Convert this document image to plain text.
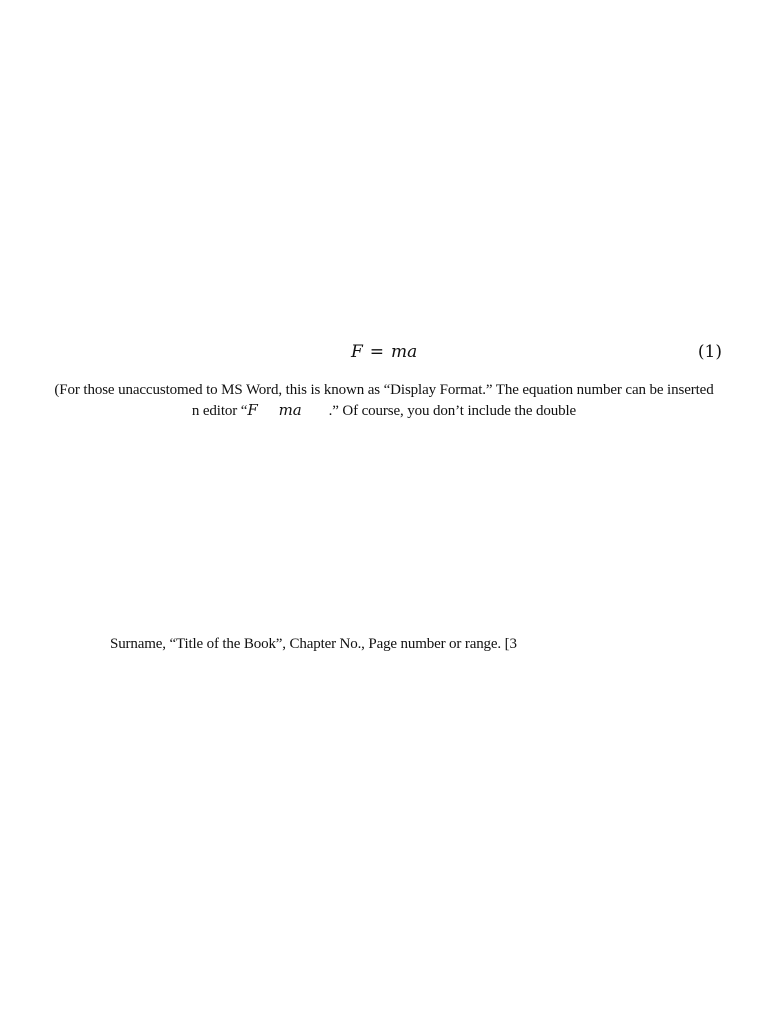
F = ma	(1)
(For those unaccustomed to MS Word, this is known as “Display Format.” The equation number can be inserted
n editor “F ma .” Of course, you don’t include the double
Surname, “Title of the Book”, Chapter No., Page number or range. [3
